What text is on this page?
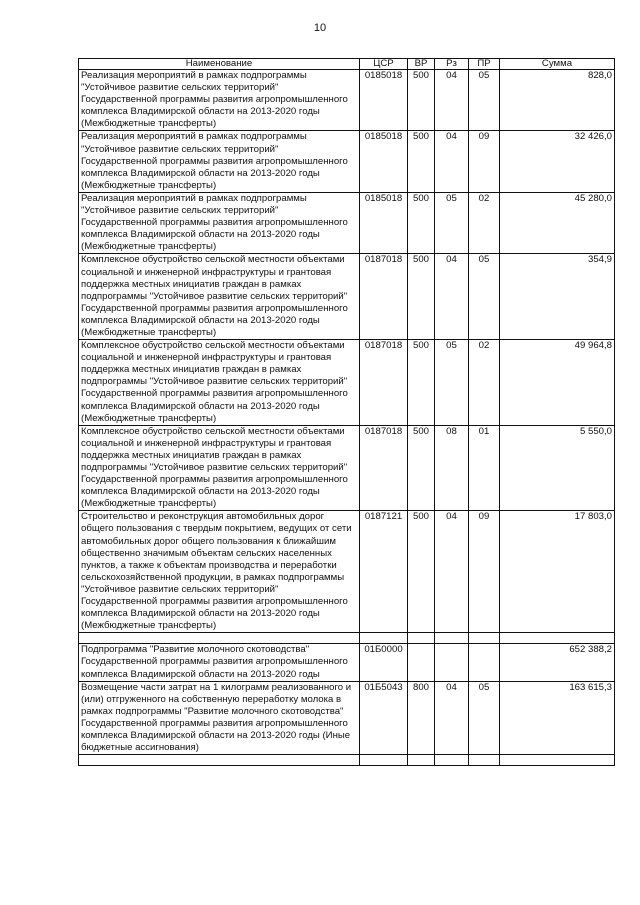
10
Наименование	ЦСР	ВР	Рз	ПР	Сумма
Реализация мероприятий в рамках подпрограммы "Устойчивое развитие сельских территорий" Государственной программы развития агропромышленного комплекса Владимирской области на 2013-2020 годы (Межбюджетные трансферты)	0185018	500	04	05	828,0
Реализация мероприятий в рамках подпрограммы "Устойчивое развитие сельских территорий" Государственной программы развития агропромышленного комплекса Владимирской области на 2013-2020 годы (Межбюджетные трансферты)	0185018	500	04	09	32 426,0
Реализация мероприятий в рамках подпрограммы "Устойчивое развитие сельских территорий" Государственной программы развития агропромышленного комплекса Владимирской области на 2013-2020 годы (Межбюджетные трансферты)	0185018	500	05	02	45 280,0
Комплексное обустройство сельской местности объектами социальной и инженерной инфраструктуры и грантовая поддержка местных инициатив граждан в рамках подпрограммы "Устойчивое развитие сельских территорий" Государственной программы развития агропромышленного комплекса Владимирской области на 2013-2020 годы (Межбюджетные трансферты)	0187018	500	04	05	354,9
Комплексное обустройство сельской местности объектами социальной и инженерной инфраструктуры и грантовая поддержка местных инициатив граждан в рамках подпрограммы "Устойчивое развитие сельских территорий" Государственной программы развития агропромышленного комплекса Владимирской области на 2013-2020 годы (Межбюджетные трансферты)	0187018	500	05	02	49 964,8
Комплексное обустройство сельской местности объектами социальной и инженерной инфраструктуры и грантовая поддержка местных инициатив граждан в рамках подпрограммы "Устойчивое развитие сельских территорий" Государственной программы развития агропромышленного комплекса Владимирской области на 2013-2020 годы (Межбюджетные трансферты)	0187018	500	08	01	5 550,0
Строительство и реконструкция автомобильных дорог общего пользования с твердым покрытием, ведущих от сети автомобильных дорог общего пользования к ближайшим общественно значимым объектам сельских населенных пунктов, а также к объектам производства и переработки сельскохозяйственной продукции, в рамках подпрограммы "Устойчивое развитие сельских территорий" Государственной программы развития агропромышленного комплекса Владимирской области на 2013-2020 годы (Межбюджетные трансферты)	0187121	500	04	09	17 803,0

Подпрограмма "Развитие молочного скотоводства" Государственной программы развития агропромышленного комплекса Владимирской области на 2013-2020 годы	01Б0000				652 388,2
Возмещение части затрат на 1 килограмм реализованного и (или) отгруженного на собственную переработку молока в рамках подпрограммы "Развитие молочного скотоводства" Государственной программы развития агропромышленного комплекса Владимирской области на 2013-2020 годы (Иные бюджетные ассигнования)	01Б5043	800	04	05	163 615,3
